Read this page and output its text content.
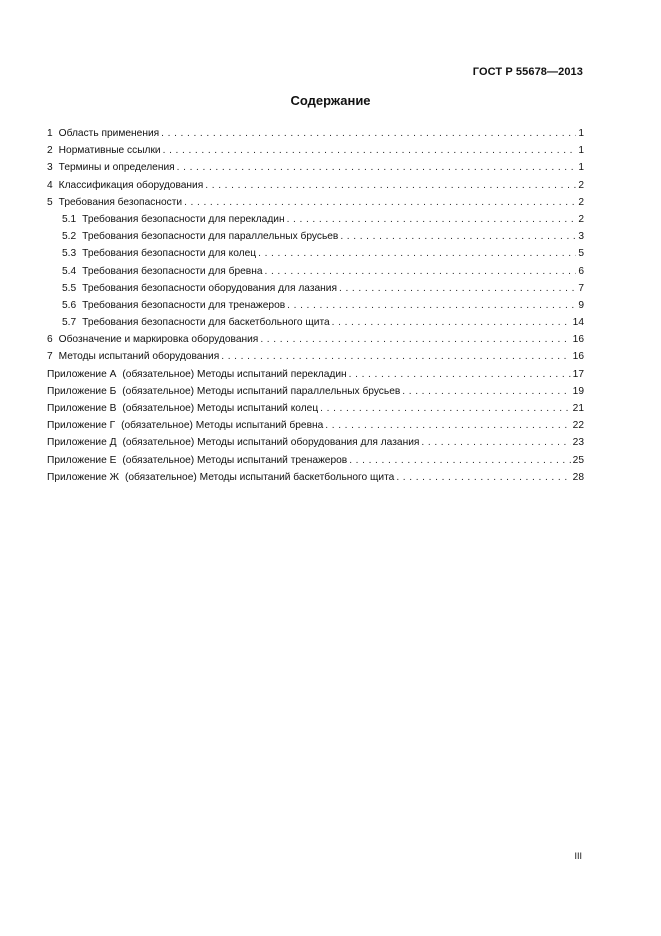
ГОСТ Р 55678—2013
Содержание
1 Область применения . . .	1
2 Нормативные ссылки . . .	1
3 Термины и определения . . .	1
4 Классификация оборудования . . .	2
5 Требования безопасности . . .	2
5.1 Требования безопасности для перекладин . . .	2
5.2 Требования безопасности для параллельных брусьев . . .	3
5.3 Требования безопасности для колец . . .	5
5.4 Требования безопасности для бревна . . .	6
5.5 Требования безопасности оборудования для лазания . . .	7
5.6 Требования безопасности для тренажеров . . .	9
5.7 Требования безопасности для баскетбольного щита . . .	14
6 Обозначение и маркировка оборудования . . .	16
7 Методы испытаний оборудования . . .	16
Приложение А (обязательное) Методы испытаний перекладин . . .	17
Приложение Б (обязательное) Методы испытаний параллельных брусьев . . .	19
Приложение В (обязательное) Методы испытаний колец . . .	21
Приложение Г (обязательное) Методы испытаний бревна . . .	22
Приложение Д (обязательное) Методы испытаний оборудования для лазания . . .	23
Приложение Е (обязательное) Методы испытаний тренажеров . . .	25
Приложение Ж (обязательное) Методы испытаний баскетбольного щита . . .	28
III
